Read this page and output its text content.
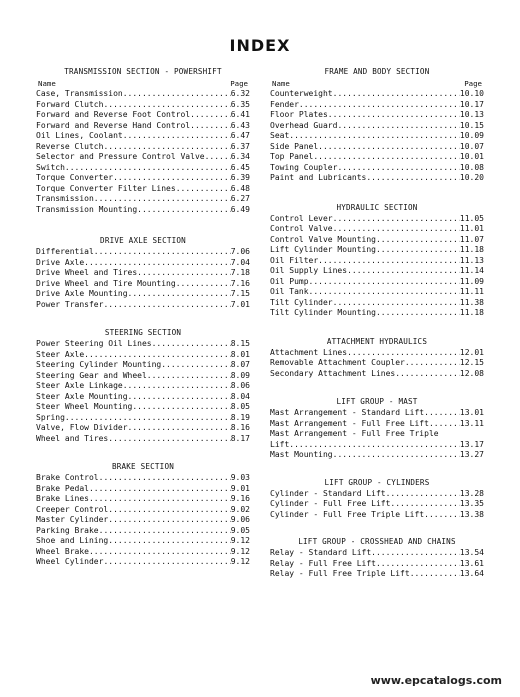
INDEX
TRANSMISSION SECTION - POWERSHIFT
Name	Page
Case, Transmission .....	6.32
Forward Clutch .....	6.35
Forward and Reverse Foot Control .....	6.41
Forward and Reverse Hand Control .....	6.43
Oil Lines, Coolant .....	6.47
Reverse Clutch .....	6.37
Selector and Pressure Control Valve .....	6.34
Switch .....	6.45
Torque Converter .....	6.39
Torque Converter Filter Lines .....	6.48
Transmission .....	6.27
Transmission Mounting .....	6.49
DRIVE AXLE SECTION
Differential .....	7.06
Drive Axle .....	7.04
Drive Wheel and Tires .....	7.18
Drive Wheel and Tire Mounting .....	7.16
Drive Axle Mounting .....	7.15
Power Transfer .....	7.01
STEERING SECTION
Power Steering Oil Lines .....	8.15
Steer Axle .....	8.01
Steering Cylinder Mounting .....	8.07
Steering Gear and Wheel .....	8.09
Steer Axle Linkage .....	8.06
Steer Axle Mounting .....	8.04
Steer Wheel Mounting .....	8.05
Spring .....	8.19
Valve, Flow Divider .....	8.16
Wheel and Tires .....	8.17
BRAKE SECTION
Brake Control .....	9.03
Brake Pedal .....	9.01
Brake Lines .....	9.16
Creeper Control .....	9.02
Master Cylinder .....	9.06
Parking Brake .....	9.05
Shoe and Lining .....	9.12
Wheel Brake .....	9.12
Wheel Cylinder .....	9.12
FRAME AND BODY SECTION
Name	Page
Counterweight .....	10.10
Fender .....	10.17
Floor Plates .....	10.13
Overhead Guard .....	10.15
Seat .....	10.09
Side Panel .....	10.07
Top Panel .....	10.01
Towing Coupler .....	10.08
Paint and Lubricants .....	10.20
HYDRAULIC SECTION
Control Lever .....	11.05
Control Valve .....	11.01
Control Valve Mounting .....	11.07
Lift Cylinder Mounting .....	11.18
Oil Filter .....	11.13
Oil Supply Lines .....	11.14
Oil Pump .....	11.09
Oil Tank .....	11.11
Tilt Cylinder .....	11.38
Tilt Cylinder Mounting .....	11.18
ATTACHMENT HYDRAULICS
Attachment Lines .....	12.01
Removable Attachment Coupler .....	12.15
Secondary Attachment Lines .....	12.08
LIFT GROUP - MAST
Mast Arrangement - Standard Lift .....	13.01
Mast Arrangement - Full Free Lift .....	13.11
Mast Arrangement - Full Free Triple
Lift .....	13.17
Mast Mounting .....	13.27
LIFT GROUP - CYLINDERS
Cylinder - Standard Lift .....	13.28
Cylinder - Full Free Lift .....	13.35
Cylinder - Full Free Triple Lift .....	13.38
LIFT GROUP - CROSSHEAD AND CHAINS
Relay - Standard Lift .....	13.54
Relay - Full Free Lift .....	13.61
Relay - Full Free Triple Lift .....	13.64
www.epcatalogs.com
